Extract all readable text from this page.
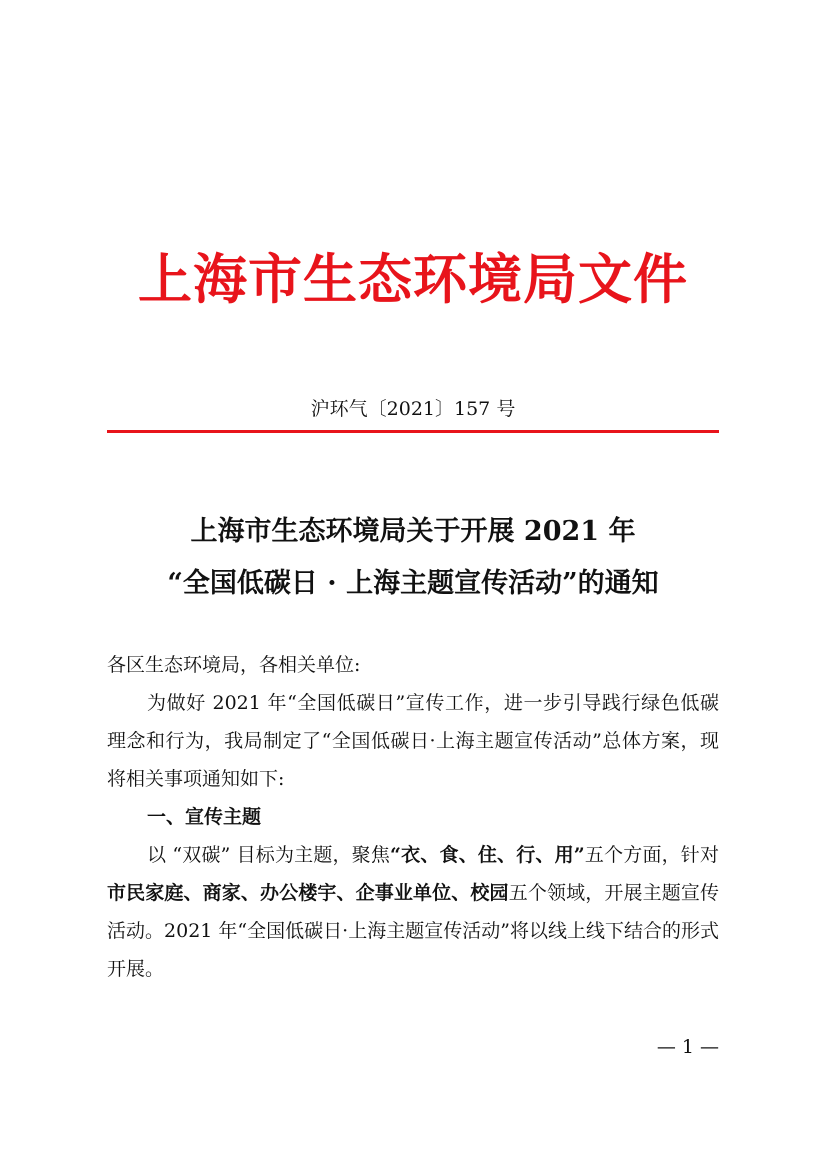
上海市生态环境局文件
沪环气〔2021〕157 号
上海市生态环境局关于开展 2021 年
“全国低碳日 · 上海主题宣传活动”的通知

各区生态环境局，各相关单位:

为做好 2021 年“全国低碳日”宣传工作，进一步引导践行绿色低碳理念和行为，我局制定了“全国低碳日·上海主题宣传活动”总体方案，现将相关事项通知如下:

一、宣传主题

以 “双碳” 目标为主题，聚焦“衣、食、住、行、用”五个方面，针对市民家庭、商家、办公楼宇、企事业单位、校园五个领域，开展主题宣传活动。2021 年“全国低碳日·上海主题宣传活动”将以线上线下结合的形式开展。

— 1 —
